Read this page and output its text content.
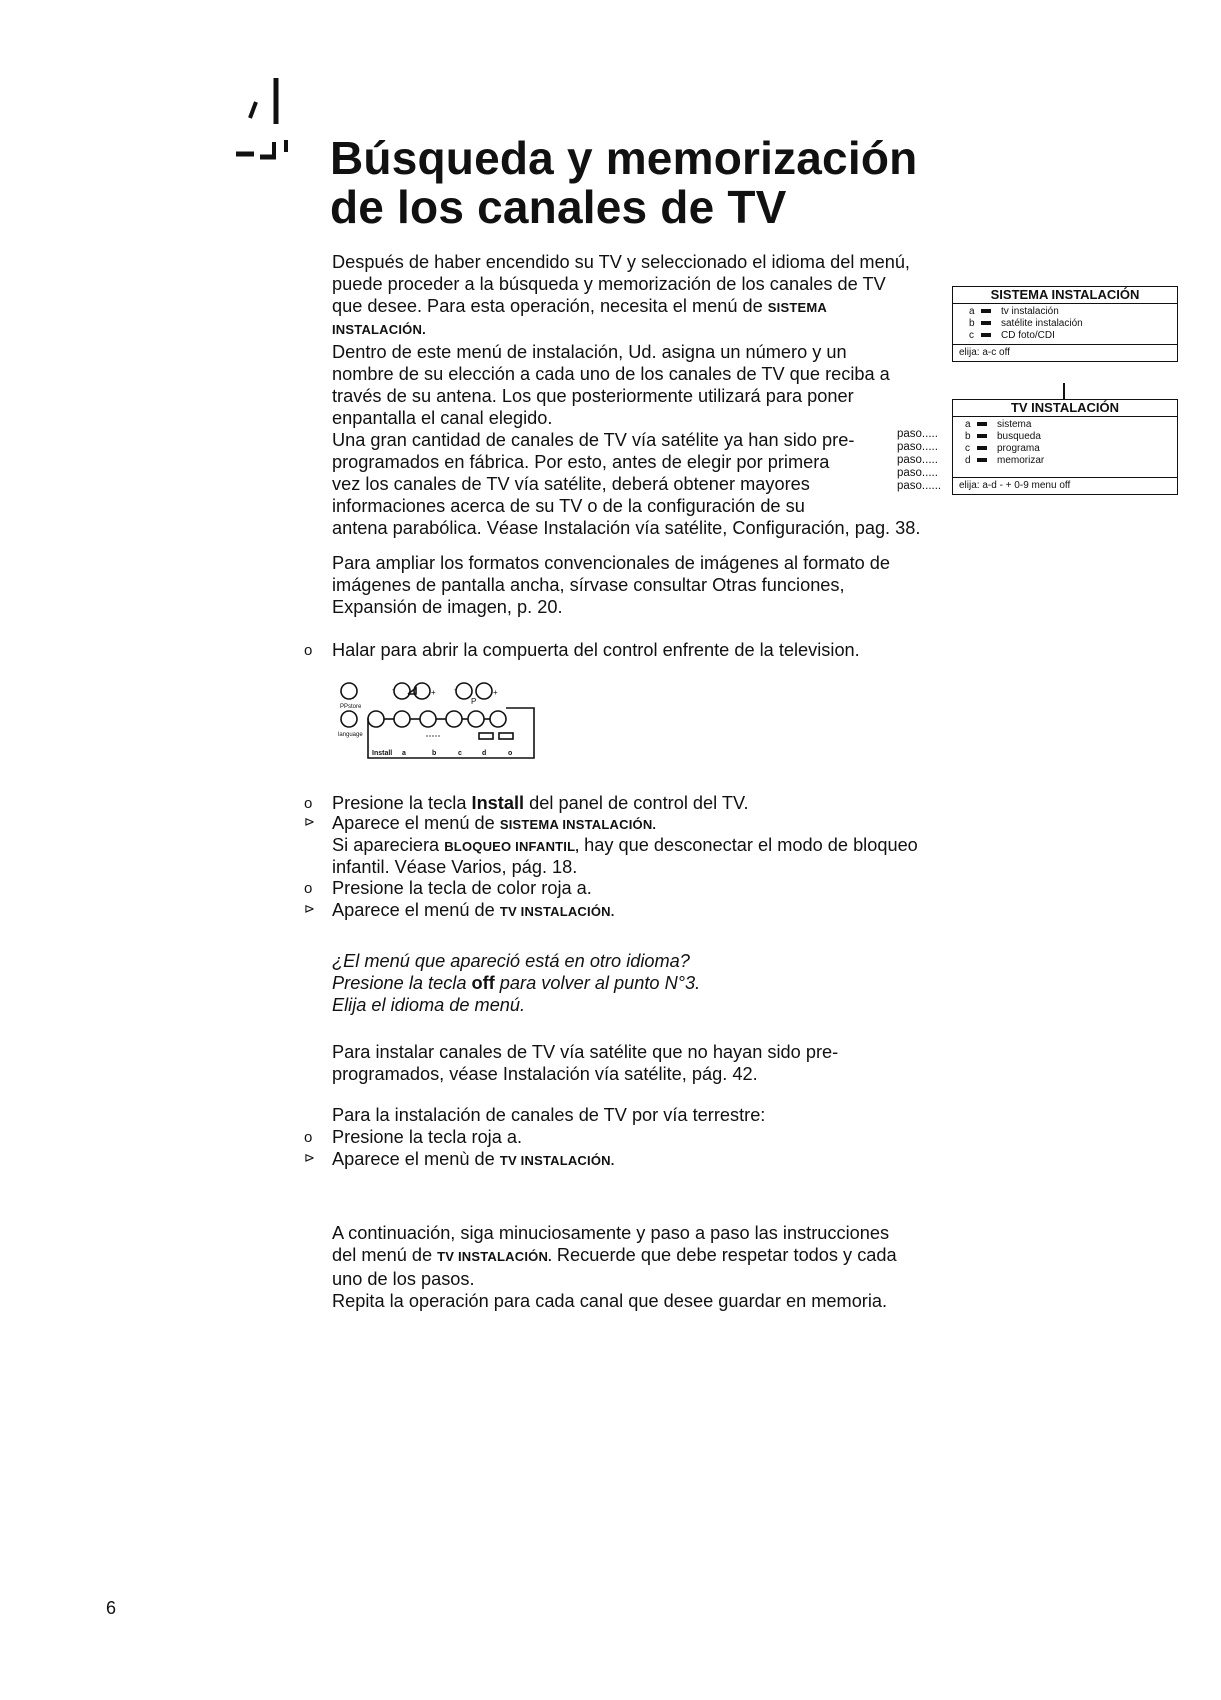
Búsqueda y memorización
de los canales de TV

Después de haber encendido su TV y seleccionado el idioma del menú,

puede proceder a la búsqueda y memorización de los canales de TV

que desee. Para esta operación, necesita el menú de SISTEMA

INSTALACIÓN.

Dentro de este menú de instalación, Ud. asigna un número y un

nombre de su elección a cada uno de los canales de TV que reciba a

través de su antena. Los que posteriormente utilizará para poner

enpantalla el canal elegido.

Una gran cantidad de canales de TV vía satélite ya han sido pre-

programados en fábrica. Por esto, antes de elegir por primera

vez los canales de TV vía satélite, deberá obtener mayores

informaciones acerca de su TV o de la configuración de su

antena parabólica. Véase Instalación vía satélite, Configuración, pag. 38.

paso.....
paso.....
paso.....
paso.....
paso......
SISTEMA INSTALACIÓN
a	tv instalación
b	satélite instalación
c	CD foto/CDI
elija: a-c off
TV INSTALACIÓN
a	sistema
b	busqueda
c	programa
d	memorizar
elija: a-d - + 0-9 menu off

Para ampliar los formatos convencionales de imágenes al formato de

imágenes de pantalla ancha, sírvase consultar Otras funciones,

Expansión de imagen, p. 20.

o Halar para abrir la compuerta del control enfrente de la television.
PPstore
language
-	+ -
P
+
Install a	b	c	d	o
o Presione la tecla Install del panel de control del TV.
⊳ Aparece el menú de SISTEMA INSTALACIÓN.
Si apareciera BLOQUEO INFANTIL, hay que desconectar el modo de bloqueo
infantil. Véase Varios, pág. 18.
o Presione la tecla de color roja a.
⊳ Aparece el menú de TV INSTALACIÓN.

¿El menú que apareció está en otro idioma?

Presione la tecla off para volver al punto N°3.

Elija el idioma de menú.

Para instalar canales de TV vía satélite que no hayan sido pre-

programados, véase Instalación vía satélite, pág. 42.

Para la instalación de canales de TV por vía terrestre:
o Presione la tecla roja a.
⊳ Aparece el menù de TV INSTALACIÓN.

A continuación, siga minuciosamente y paso a paso las instrucciones

del menú de TV INSTALACIÓN. Recuerde que debe respetar todos y cada

uno de los pasos.

Repita la operación para cada canal que desee guardar en memoria.

6
